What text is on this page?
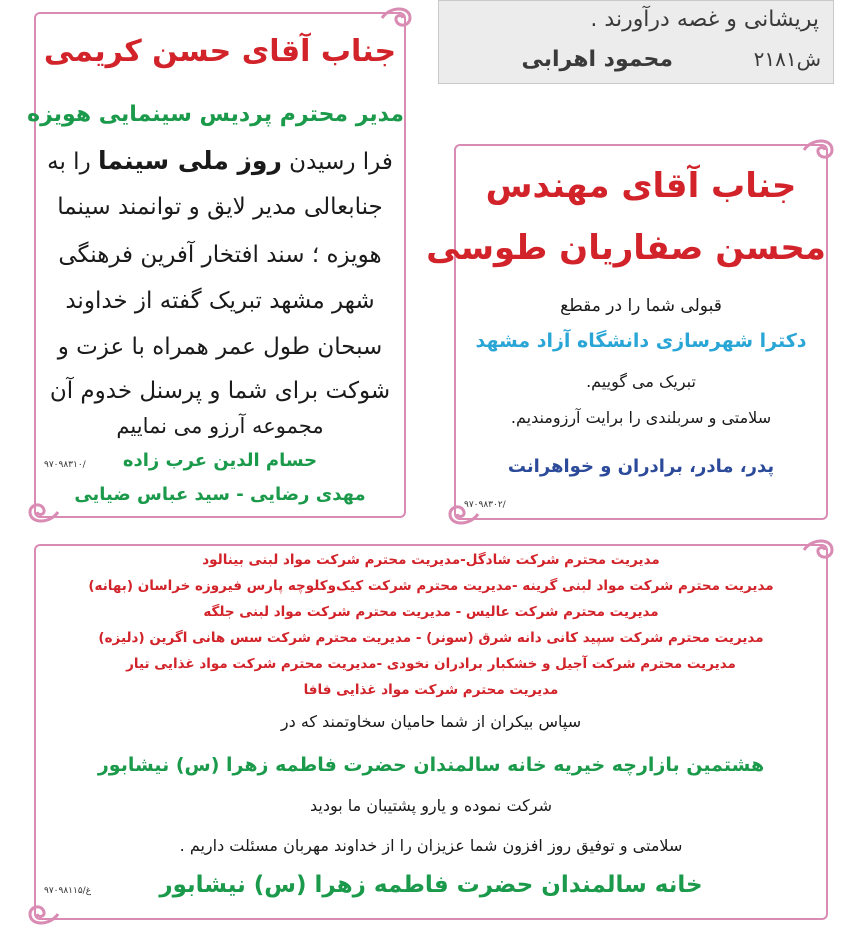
پریشانی و غصه درآورند .
ش۲۱۸۱
محمود اهرابی
جناب آقای حسن کریمی
مدیر محترم پردیس سینمایی هویزه
فرا رسیدن روز ملی سینما را به
جنابعالی مدیر لایق و توانمند سینما
هویزه ؛ سند افتخار آفرین فرهنگی
شهر مشهد تبریک گفته از خداوند
سبحان طول عمر همراه با عزت و
شوکت برای شما و پرسنل خدوم آن
مجموعه آرزو می نماییم
حسام الدین عرب زاده
مهدی رضایی - سید عباس ضیایی
۹۷۰۹۸۳۱۰/
جناب آقای مهندس
محسن صفاریان طوسی
قبولی شما را در مقطع
دکترا شهرسازی دانشگاه آزاد مشهد
تبریک می گوییم.
سلامتی و سربلندی را برایت آرزومندیم.
پدر، مادر، برادران و خواهرانت
۹۷۰۹۸۳۰۲/
مدیریت محترم شرکت شادگل-مدیریت محترم شرکت مواد لبنی بینالود
مدیریت محترم شرکت مواد لبنی گرینه -مدیریت محترم شرکت کیک‌وکلوچه پارس فیروزه خراسان (بهانه)
مدیریت محترم شرکت عالیس - مدیریت محترم شرکت مواد لبنی جلگه
مدیریت محترم شرکت سپید کانی دانه شرق (سونر) - مدیریت محترم شرکت سس هانی اگرین (دلیزه)
مدیریت محترم شرکت آجیل و خشکبار برادران نخودی -مدیریت محترم شرکت مواد غذایی تیار
مدیریت محترم شرکت مواد غذایی فافا
سپاس بیکران از شما حامیان سخاوتمند که در
هشتمین بازارچه خیریه خانه سالمندان حضرت فاطمه زهرا (س) نیشابور
شرکت نموده و یارو پشتیبان ما بودید
سلامتی و توفیق روز افزون شما عزیزان را از خداوند مهربان مسئلت داریم .
خانه سالمندان حضرت فاطمه زهرا (س) نیشابور
۹۷۰۹۸۱۱۵/غ
